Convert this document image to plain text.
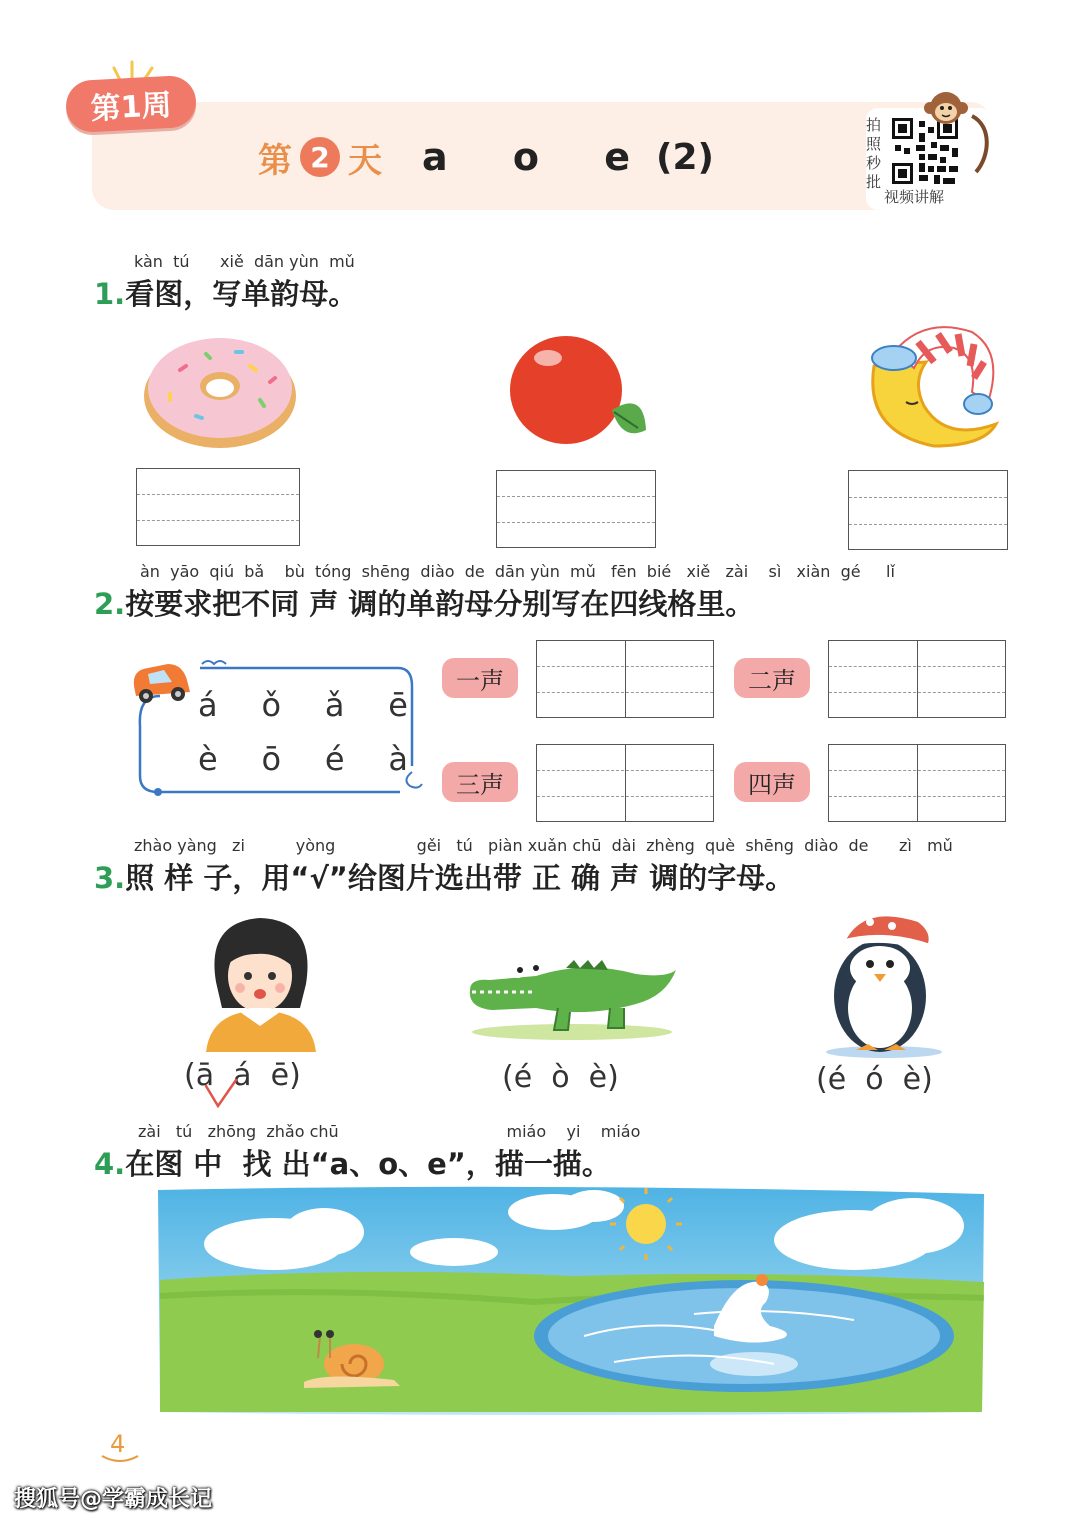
第1周
第 2 天 a o e (2)
拍
照
秒
批
视频讲解
kàn  tú      xiě  dān yùn  mǔ
1.看图，写单韵母。
àn  yāo  qiú  bǎ    bù  tóng  shēng  diào  de  dān yùn  mǔ   fēn  bié   xiě   zài    sì   xiàn  gé     lǐ
2.按要求把不同 声 调的单韵母分别写在四线格里。
á ǒ ǎ ē
è ō é à
一声	二声
三声	四声
zhào yàng   zi          yòng                gěi   tú   piàn xuǎn chū  dài  zhèng  què  shēng  diào  de      zì   mǔ
3.照 样 子，用“√”给图片选出带 正 确 声 调的字母。
(ā  á  ē)	(é  ò  è)	(é  ó  è)
zài   tú   zhōng  zhǎo chū                                 miáo    yi    miáo
4.在图 中  找 出“a、o、e”，描一描。
4
搜狐号@学霸成长记
